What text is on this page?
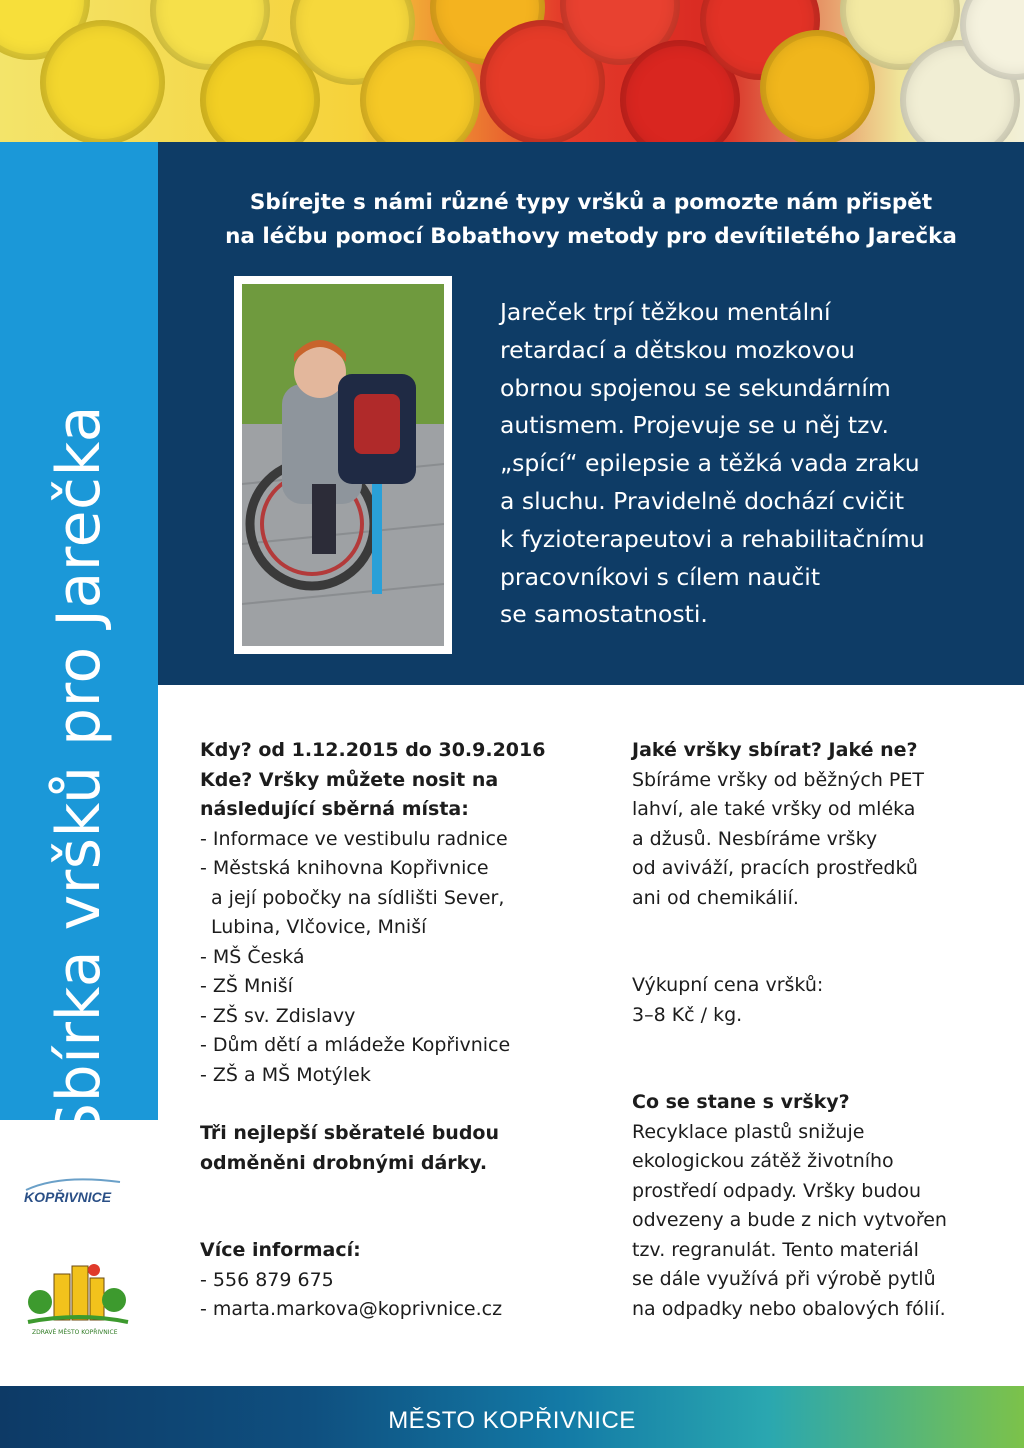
Sbírka vršků pro Jarečka
Sbírejte s námi různé typy vršků a pomozte nám přispět
na léčbu pomocí Bobathovy metody pro devítiletého Jarečka
Jareček trpí těžkou mentální
retardací a dětskou mozkovou
obrnou spojenou se sekundárním
autismem. Projevuje se u něj tzv.
„spící“ epilepsie a těžká vada zraku
a sluchu. Pravidelně dochází cvičit
k fyzioterapeutovi a rehabilitačnímu
pracovníkovi s cílem naučit
se samostatnosti.
Kdy? od 1.12.2015 do 30.9.2016
Kde? Vršky můžete nosit na
následující sběrná místa:
- Informace ve vestibulu radnice
- Městská knihovna Kopřivnice
a její pobočky na sídlišti Sever,
Lubina, Vlčovice, Mniší
- MŠ Česká
- ZŠ Mniší
- ZŠ sv. Zdislavy
- Dům dětí a mládeže Kopřivnice
- ZŠ a MŠ Motýlek
Tři nejlepší sběratelé budou
odměněni drobnými dárky.
Více informací:
- 556 879 675
- marta.markova@koprivnice.cz
Jaké vršky sbírat? Jaké ne?
Sbíráme vršky od běžných PET
lahví, ale také vršky od mléka
a džusů. Nesbíráme vršky
od aviváží, pracích prostředků
ani od chemikálií.
Výkupní cena vršků:
3–8 Kč / kg.
Co se stane s vršky?
Recyklace plastů snižuje
ekologickou zátěž životního
prostředí odpady. Vršky budou
odvezeny a bude z nich vytvořen
tzv. regranulát. Tento materiál
se dále využívá při výrobě pytlů
na odpadky nebo obalových fólií.
KOPŘIVNICE
ZDRAVÉ MĚSTO KOPŘIVNICE
MĚSTO KOPŘIVNICE
